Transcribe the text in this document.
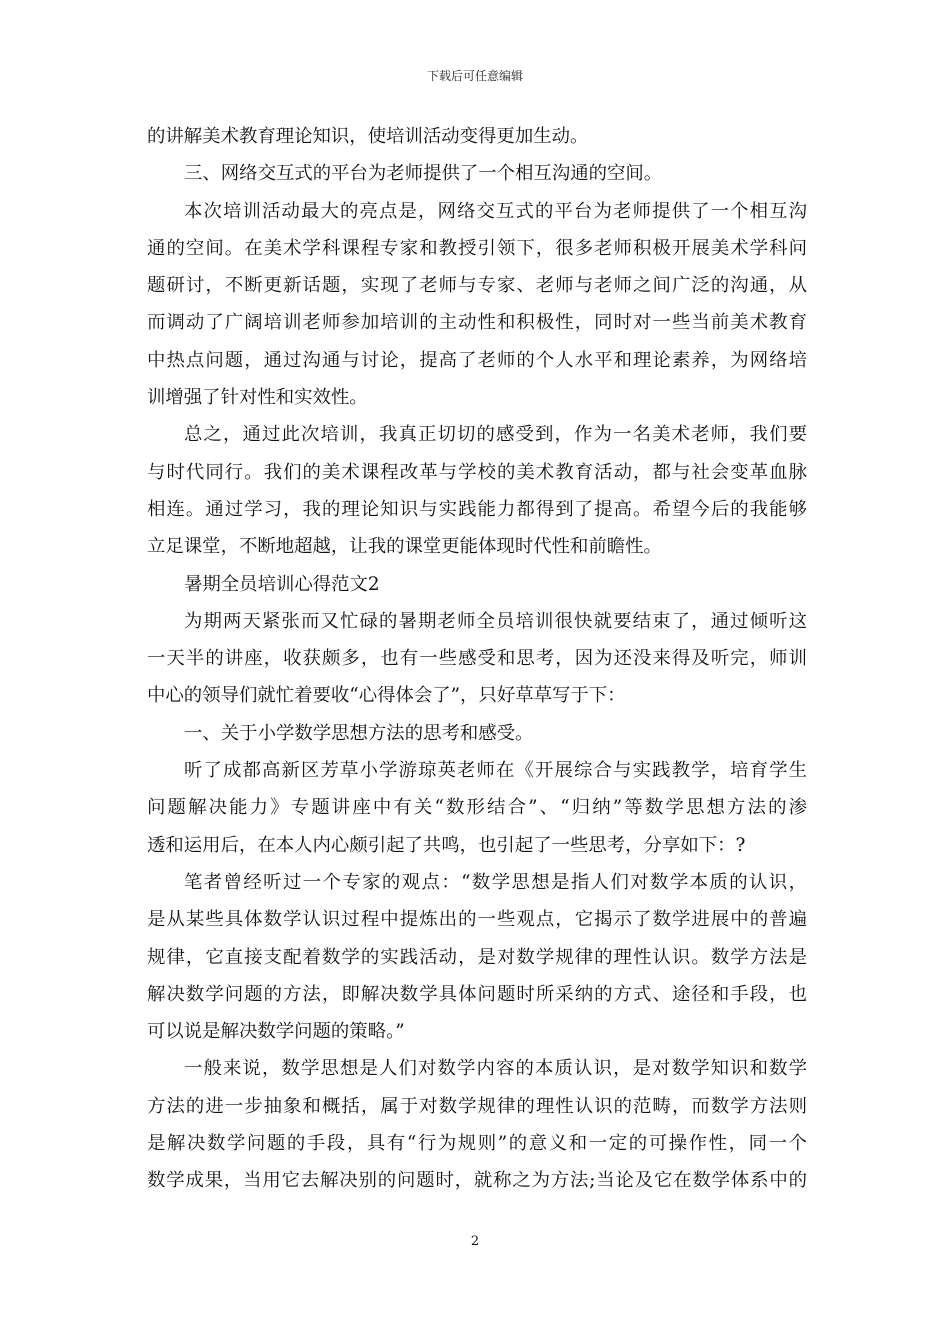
下载后可任意编辑
的讲解美术教育理论知识，使培训活动变得更加生动。
三、网络交互式的平台为老师提供了一个相互沟通的空间。
本次培训活动最大的亮点是，网络交互式的平台为老师提供了一个相互沟
通的空间。在美术学科课程专家和教授引领下，很多老师积极开展美术学科问
题研讨，不断更新话题，实现了老师与专家、老师与老师之间广泛的沟通，从
而调动了广阔培训老师参加培训的主动性和积极性，同时对一些当前美术教育
中热点问题，通过沟通与讨论，提高了老师的个人水平和理论素养，为网络培
训增强了针对性和实效性。
总之，通过此次培训，我真正切切的感受到，作为一名美术老师，我们要
与时代同行。我们的美术课程改革与学校的美术教育活动，都与社会变革血脉
相连。通过学习，我的理论知识与实践能力都得到了提高。希望今后的我能够
立足课堂，不断地超越，让我的课堂更能体现时代性和前瞻性。
暑期全员培训心得范文2
为期两天紧张而又忙碌的暑期老师全员培训很快就要结束了，通过倾听这
一天半的讲座，收获颇多，也有一些感受和思考，因为还没来得及听完，师训
中心的领导们就忙着要收“心得体会了”，只好草草写于下：
一、关于小学数学思想方法的思考和感受。
听了成都高新区芳草小学游琼英老师在《开展综合与实践教学，培育学生
问题解决能力》专题讲座中有关“数形结合”、“归纳”等数学思想方法的渗
透和运用后，在本人内心颇引起了共鸣，也引起了一些思考，分享如下：?
笔者曾经听过一个专家的观点：“数学思想是指人们对数学本质的认识，
是从某些具体数学认识过程中提炼出的一些观点，它揭示了数学进展中的普遍
规律，它直接支配着数学的实践活动，是对数学规律的理性认识。数学方法是
解决数学问题的方法，即解决数学具体问题时所采纳的方式、途径和手段，也
可以说是解决数学问题的策略。”
一般来说，数学思想是人们对数学内容的本质认识，是对数学知识和数学
方法的进一步抽象和概括，属于对数学规律的理性认识的范畴，而数学方法则
是解决数学问题的手段，具有“行为规则”的意义和一定的可操作性，同一个
数学成果，当用它去解决别的问题时，就称之为方法;当论及它在数学体系中的
2
